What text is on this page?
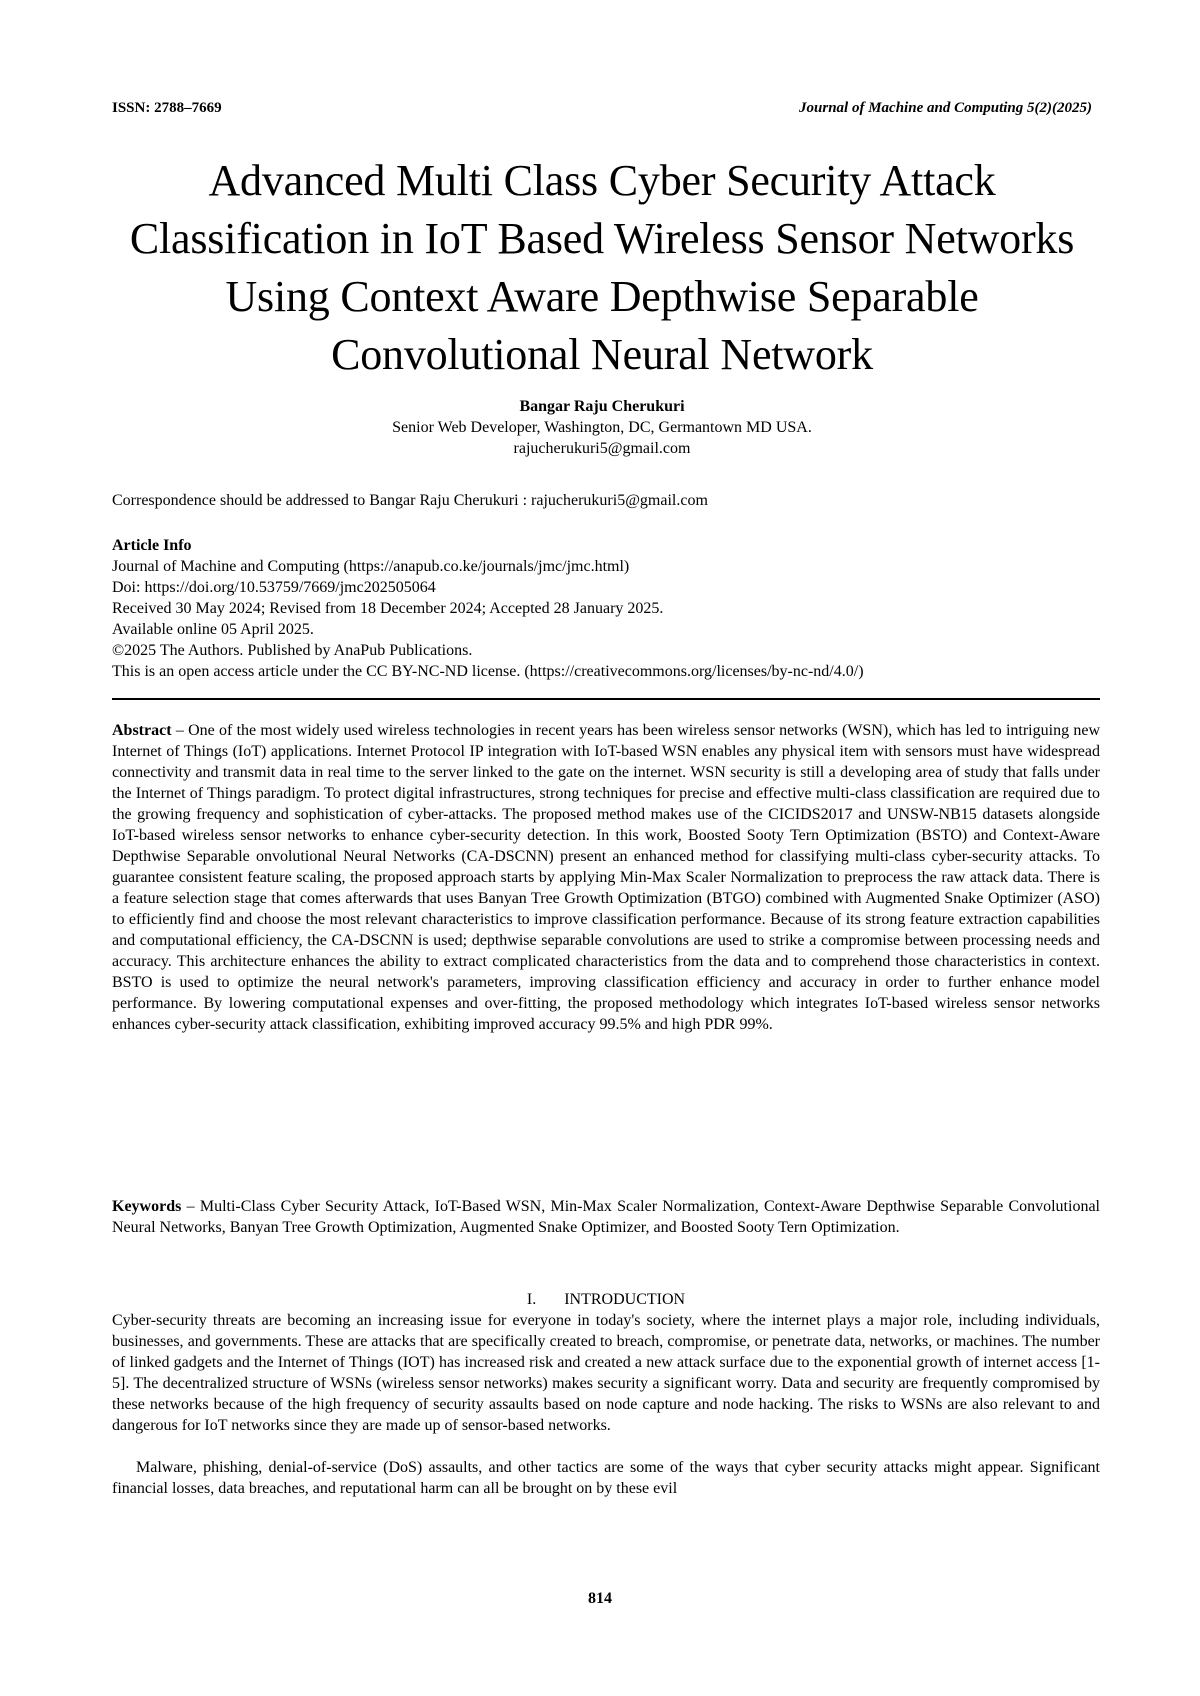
ISSN: 2788–7669	Journal of Machine and Computing 5(2)(2025)
Advanced Multi Class Cyber Security Attack Classification in IoT Based Wireless Sensor Networks Using Context Aware Depthwise Separable Convolutional Neural Network
Bangar Raju Cherukuri
Senior Web Developer, Washington, DC, Germantown MD USA.
rajucherukuri5@gmail.com
Correspondence should be addressed to Bangar Raju Cherukuri : rajucherukuri5@gmail.com
Article Info
Journal of Machine and Computing (https://anapub.co.ke/journals/jmc/jmc.html)
Doi: https://doi.org/10.53759/7669/jmc202505064
Received 30 May 2024; Revised from 18 December 2024; Accepted 28 January 2025.
Available online 05 April 2025.
©2025 The Authors. Published by AnaPub Publications.
This is an open access article under the CC BY-NC-ND license. (https://creativecommons.org/licenses/by-nc-nd/4.0/)

Abstract – One of the most widely used wireless technologies in recent years has been wireless sensor networks (WSN), which has led to intriguing new Internet of Things (IoT) applications. Internet Protocol IP integration with IoT-based WSN enables any physical item with sensors must have widespread connectivity and transmit data in real time to the server linked to the gate on the internet. WSN security is still a developing area of study that falls under the Internet of Things paradigm. To protect digital infrastructures, strong techniques for precise and effective multi-class classification are required due to the growing frequency and sophistication of cyber-attacks. The proposed method makes use of the CICIDS2017 and UNSW-NB15 datasets alongside IoT-based wireless sensor networks to enhance cyber-security detection. In this work, Boosted Sooty Tern Optimization (BSTO) and Context-Aware Depthwise Separable onvolutional Neural Networks (CA-DSCNN) present an enhanced method for classifying multi-class cyber-security attacks. To guarantee consistent feature scaling, the proposed approach starts by applying Min-Max Scaler Normalization to preprocess the raw attack data. There is a feature selection stage that comes afterwards that uses Banyan Tree Growth Optimization (BTGO) combined with Augmented Snake Optimizer (ASO) to efficiently find and choose the most relevant characteristics to improve classification performance. Because of its strong feature extraction capabilities and computational efficiency, the CA-DSCNN is used; depthwise separable convolutions are used to strike a compromise between processing needs and accuracy. This architecture enhances the ability to extract complicated characteristics from the data and to comprehend those characteristics in context. BSTO is used to optimize the neural network's parameters, improving classification efficiency and accuracy in order to further enhance model performance. By lowering computational expenses and over-fitting, the proposed methodology which integrates IoT-based wireless sensor networks enhances cyber-security attack classification, exhibiting improved accuracy 99.5% and high PDR 99%.

Keywords – Multi-Class Cyber Security Attack, IoT-Based WSN, Min-Max Scaler Normalization, Context-Aware Depthwise Separable Convolutional Neural Networks, Banyan Tree Growth Optimization, Augmented Snake Optimizer, and Boosted Sooty Tern Optimization.

I. INTRODUCTION

Cyber-security threats are becoming an increasing issue for everyone in today's society, where the internet plays a major role, including individuals, businesses, and governments. These are attacks that are specifically created to breach, compromise, or penetrate data, networks, or machines. The number of linked gadgets and the Internet of Things (IOT) has increased risk and created a new attack surface due to the exponential growth of internet access [1-5]. The decentralized structure of WSNs (wireless sensor networks) makes security a significant worry. Data and security are frequently compromised by these networks because of the high frequency of security assaults based on node capture and node hacking. The risks to WSNs are also relevant to and dangerous for IoT networks since they are made up of sensor-based networks.

Malware, phishing, denial-of-service (DoS) assaults, and other tactics are some of the ways that cyber security attacks might appear. Significant financial losses, data breaches, and reputational harm can all be brought on by these evil

814
